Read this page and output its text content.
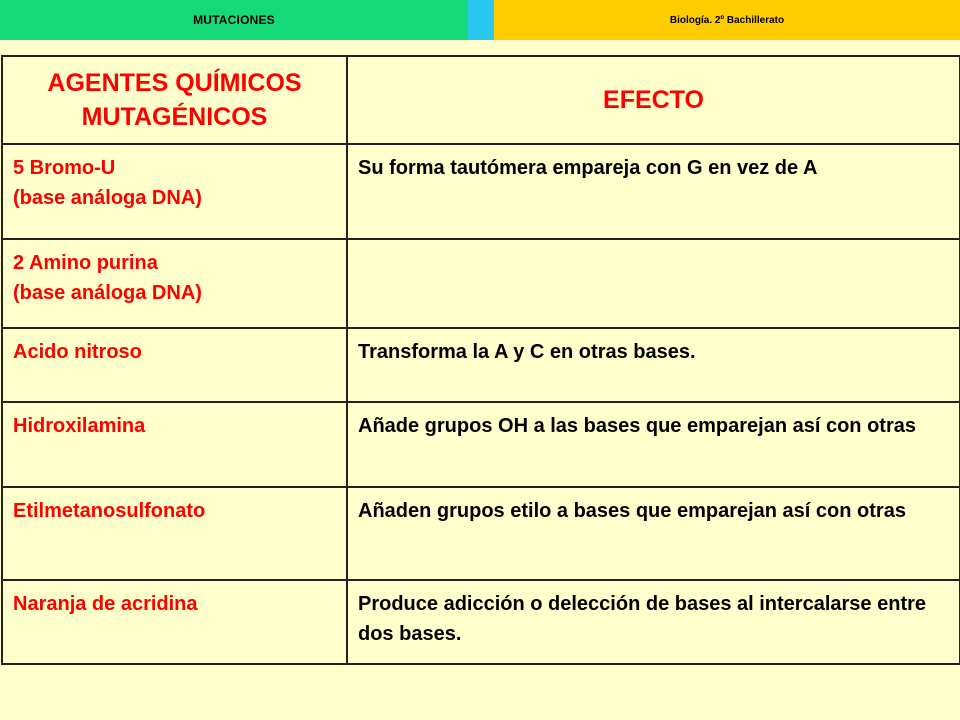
MUTACIONES	Biología. 2º Bachillerato
AGENTES QUÍMICOS MUTAGÉNICOS	EFECTO

5 Bromo-U
(base análoga DNA)	Su forma tautómera empareja con G en vez de A

2 Amino purina
(base análoga DNA)	

Acido nitroso	Transforma la A y C en otras bases.

Hidroxilamina	Añade grupos OH a las bases que emparejan así con otras

Etilmetanosulfonato	Añaden grupos etilo a bases que emparejan así con otras

Naranja de acridina	Produce adicción o delección de bases al intercalarse entre dos bases.
